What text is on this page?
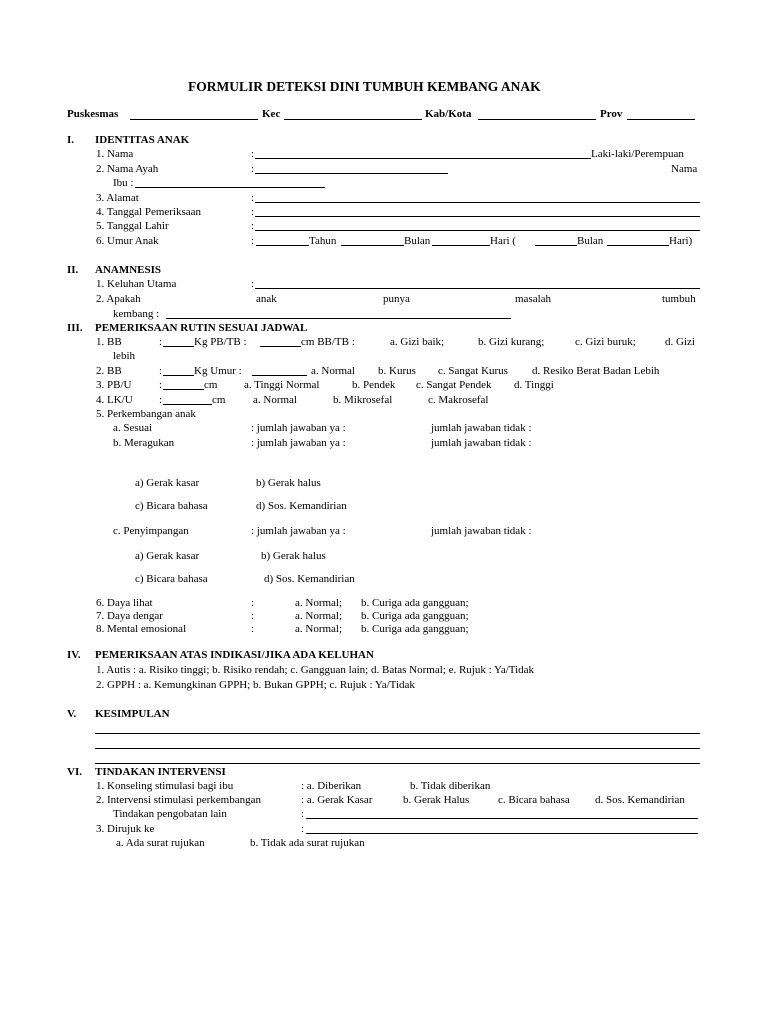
FORMULIR DETEKSI DINI TUMBUH KEMBANG ANAK
Puskesmas	Kec	Kab/Kota	Prov
I. IDENTITAS ANAK
1. Nama	:	Laki-laki/Perempuan
2. Nama Ayah	:	Nama
Ibu :
3. Alamat	:
4. Tanggal Pemeriksaan	:
5. Tanggal Lahir	:
6. Umur Anak	:	Tahun	Bulan	Hari (	Bulan	Hari)
II. ANAMNESIS
1. Keluhan Utama	:
2. Apakah	anak	punya	masalah	tumbuh
kembang :
III. PEMERIKSAAN RUTIN SESUAI JADWAL
1. BB	:	Kg PB/TB :	cm BB/TB :	a. Gizi baik;	b. Gizi kurang;	c. Gizi buruk;	d. Gizi
lebih
2. BB	:	Kg Umur :	a. Normal b. Kurus c. Sangat Kurus d. Resiko Berat Badan Lebih
3. PB/U	:	cm a. Tinggi Normal	b. Pendek c. Sangat Pendek d. Tinggi
4. LK/U :	cm	a. Normal	b. Mikrosefal	c. Makrosefal
5. Perkembangan anak
a. Sesuai	: jumlah jawaban ya :	jumlah jawaban tidak :
b. Meragukan	: jumlah jawaban ya :	jumlah jawaban tidak :
a) Gerak kasar	b) Gerak halus
c) Bicara bahasa	d) Sos. Kemandirian
c. Penyimpangan	: jumlah jawaban ya :	jumlah jawaban tidak :
a) Gerak kasar	b) Gerak halus
c) Bicara bahasa	d) Sos. Kemandirian
6. Daya lihat	:	a. Normal; b. Curiga ada gangguan;
7. Daya dengar	:	a. Normal; b. Curiga ada gangguan;
8. Mental emosional	:	a. Normal; b. Curiga ada gangguan;
IV. PEMERIKSAAN ATAS INDIKASI/JIKA ADA KELUHAN
1. Autis : a. Risiko tinggi; b. Risiko rendah; c. Gangguan lain; d. Batas Normal; e. Rujuk : Ya/Tidak
2. GPPH : a. Kemungkinan GPPH; b. Bukan GPPH; c. Rujuk : Ya/Tidak
V. KESIMPULAN
VI. TINDAKAN INTERVENSI
1. Konseling stimulasi bagi ibu	: a. Diberikan	b. Tidak diberikan
2. Intervensi stimulasi perkembangan	: a. Gerak Kasar	b. Gerak Halus	c. Bicara bahasa d. Sos. Kemandirian
Tindakan pengobatan lain	:
3. Dirujuk ke	:
a. Ada surat rujukan	b. Tidak ada surat rujukan
